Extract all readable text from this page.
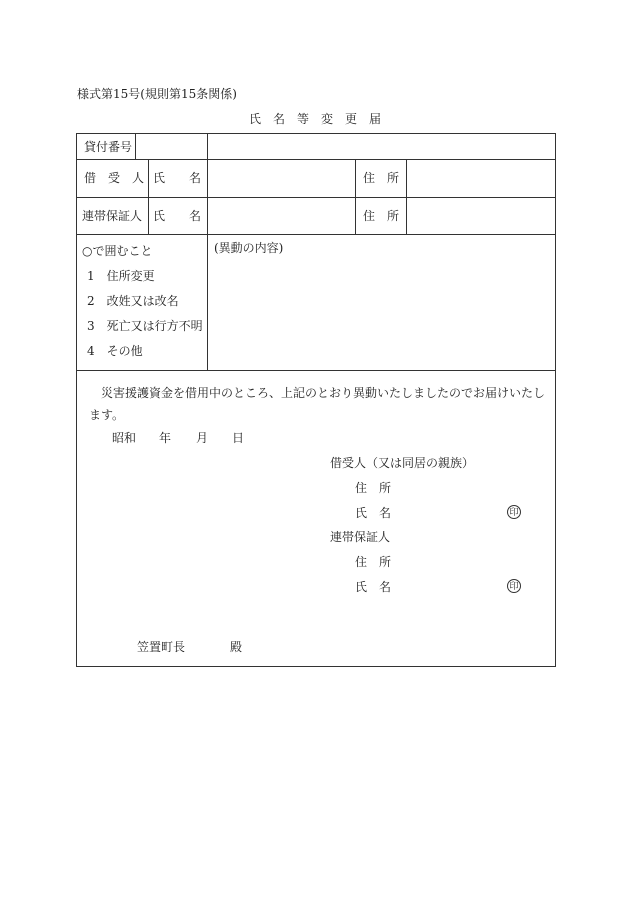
様式第15号(規則第15条関係)
氏　名　等　変　更　届
貸付番号
借　受　人 氏　　名	住　所
連帯保証人 氏　　名	住　所
○で囲むこと
1　住所変更
2　改姓又は改名
3　死亡又は行方不明
4　その他
(異動の内容)
災害援護資金を借用中のところ、上記のとおり異動いたしましたのでお届けいたし
ます。
昭和 年 月 日
借受人（又は同居の親族）
住　所
氏　名	印
連帯保証人
住　所
氏　名	印
笠置町長	殿
